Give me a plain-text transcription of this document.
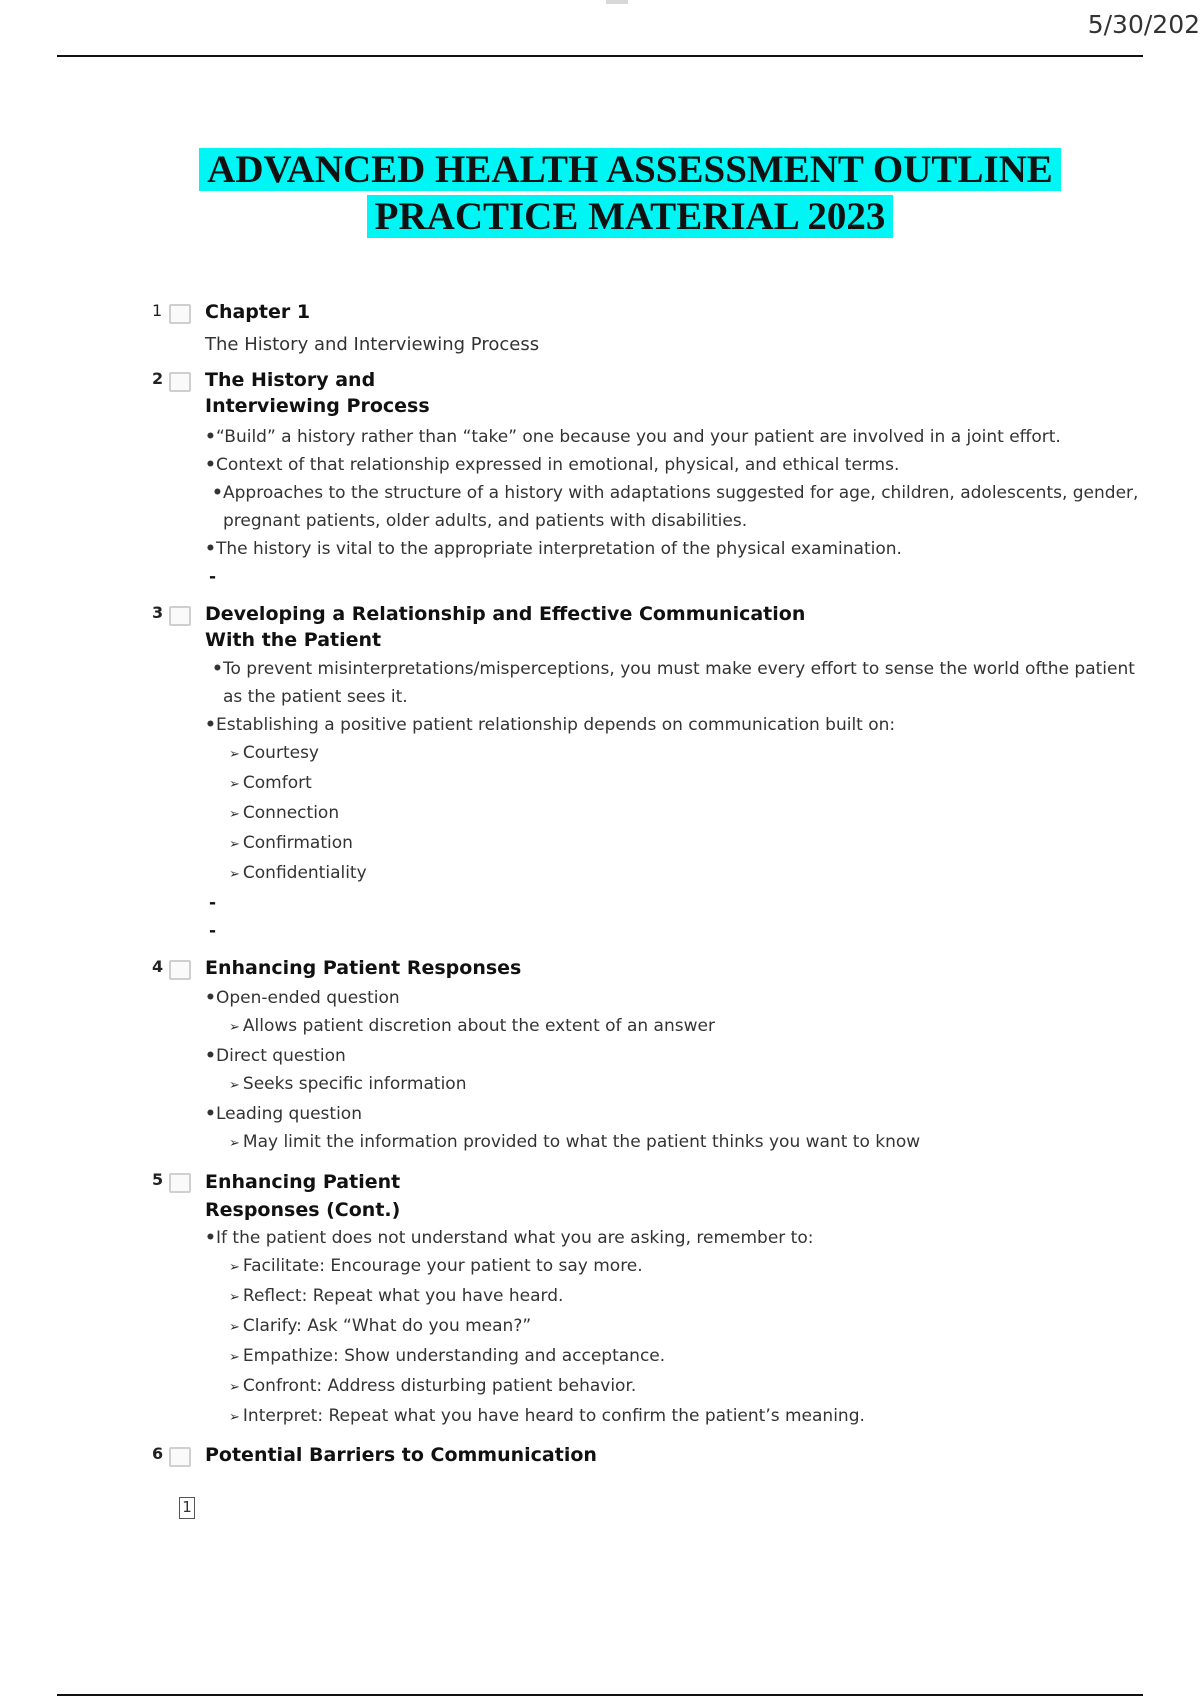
5/30/202
ADVANCED HEALTH ASSESSMENT OUTLINE
PRACTICE MATERIAL 2023
1 Chapter 1
The History and Interviewing Process
2 The History and
Interviewing Process
•“Build” a history rather than “take” one because you and your patient are involved in a joint effort.
•Context of that relationship expressed in emotional, physical, and ethical terms.
•Approaches to the structure of a history with adaptations suggested for age, children, adolescents, gender, pregnant patients, older adults, and patients with disabilities.
•The history is vital to the appropriate interpretation of the physical examination.
-
3 Developing a Relationship and Effective Communication
With the Patient
•To prevent misinterpretations/misperceptions, you must make every effort to sense the world ofthe patient as the patient sees it.
•Establishing a positive patient relationship depends on communication built on:
➢ Courtesy
➢ Comfort
➢ Connection
➢ Confirmation
➢ Confidentiality
-
-
4 Enhancing Patient Responses
•Open-ended question
➢ Allows patient discretion about the extent of an answer
•Direct question
➢ Seeks specific information
•Leading question
➢ May limit the information provided to what the patient thinks you want to know
5 Enhancing Patient
Responses (Cont.)
•If the patient does not understand what you are asking, remember to:
➢ Facilitate: Encourage your patient to say more.
➢ Reflect: Repeat what you have heard.
➢ Clarify: Ask “What do you mean?”
➢ Empathize: Show understanding and acceptance.
➢ Confront: Address disturbing patient behavior.
➢ Interpret: Repeat what you have heard to confirm the patient’s meaning.
6 Potential Barriers to Communication
1
